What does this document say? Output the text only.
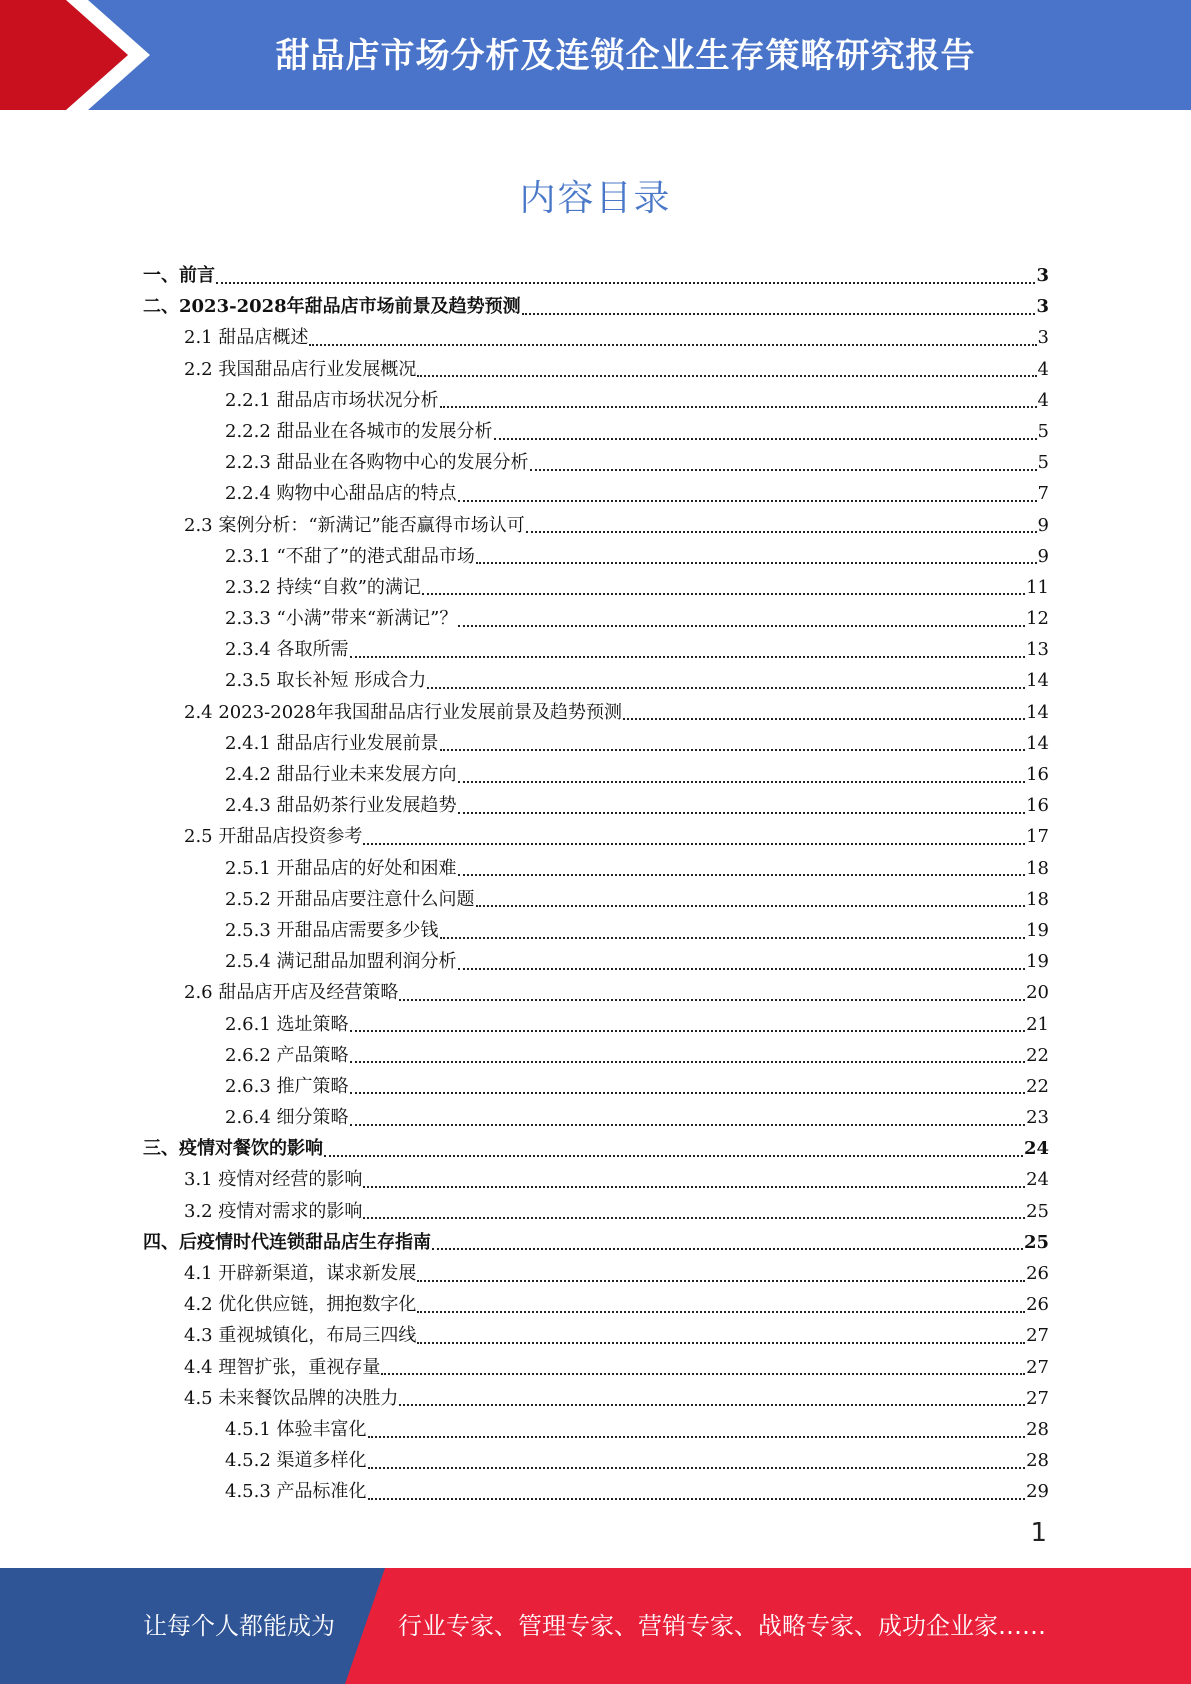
甜品店市场分析及连锁企业生存策略研究报告
内容目录
一、前言	3
二、2023-2028年甜品店市场前景及趋势预测	3
2.1 甜品店概述	3
2.2 我国甜品店行业发展概况	4
2.2.1 甜品店市场状况分析	4
2.2.2 甜品业在各城市的发展分析	5
2.2.3 甜品业在各购物中心的发展分析	5
2.2.4 购物中心甜品店的特点	7
2.3 案例分析：“新满记”能否赢得市场认可	9
2.3.1 “不甜了”的港式甜品市场	9
2.3.2 持续“自救”的满记	11
2.3.3 “小满”带来“新满记”？	12
2.3.4 各取所需	13
2.3.5 取长补短 形成合力	14
2.4 2023-2028年我国甜品店行业发展前景及趋势预测	14
2.4.1 甜品店行业发展前景	14
2.4.2 甜品行业未来发展方向	16
2.4.3 甜品奶茶行业发展趋势	16
2.5 开甜品店投资参考	17
2.5.1 开甜品店的好处和困难	18
2.5.2 开甜品店要注意什么问题	18
2.5.3 开甜品店需要多少钱	19
2.5.4 满记甜品加盟利润分析	19
2.6 甜品店开店及经营策略	20
2.6.1 选址策略	21
2.6.2 产品策略	22
2.6.3 推广策略	22
2.6.4 细分策略	23
三、疫情对餐饮的影响	24
3.1 疫情对经营的影响	24
3.2 疫情对需求的影响	25
四、后疫情时代连锁甜品店生存指南	25
4.1 开辟新渠道，谋求新发展	26
4.2 优化供应链，拥抱数字化	26
4.3 重视城镇化，布局三四线	27
4.4 理智扩张，重视存量	27
4.5 未来餐饮品牌的决胜力	27
4.5.1 体验丰富化	28
4.5.2 渠道多样化	28
4.5.3 产品标准化	29
1
让每个人都能成为	行业专家、管理专家、营销专家、战略专家、成功企业家……
